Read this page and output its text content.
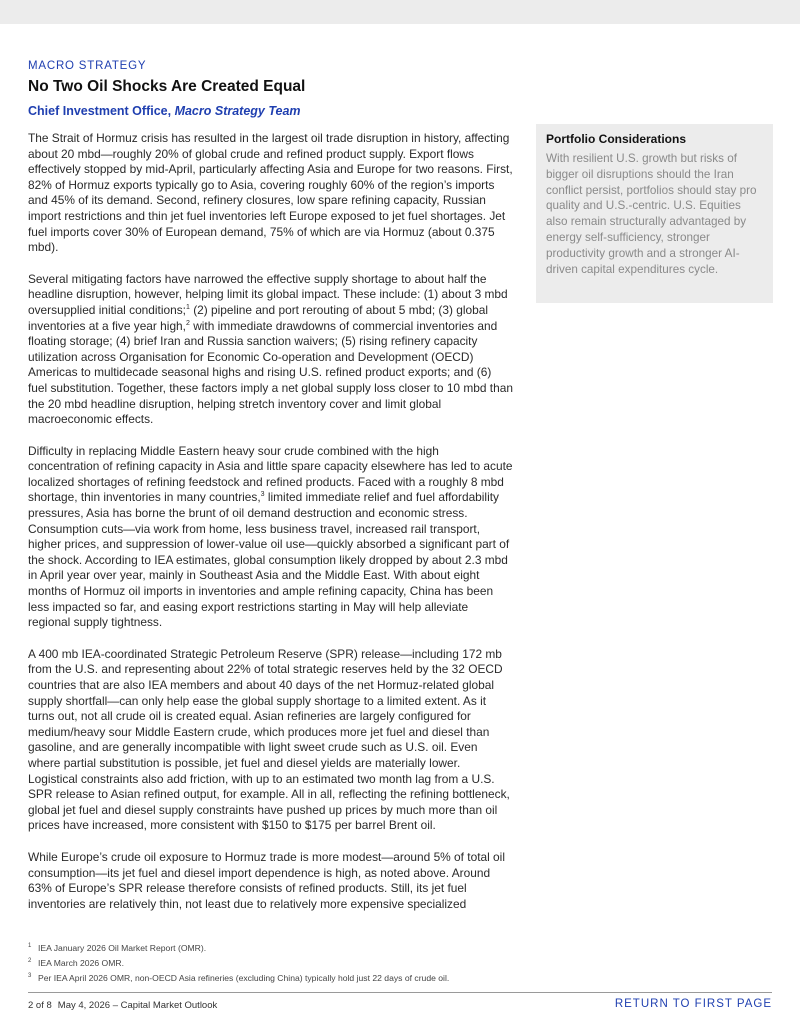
MACRO STRATEGY
No Two Oil Shocks Are Created Equal
Chief Investment Office, Macro Strategy Team

The Strait of Hormuz crisis has resulted in the largest oil trade disruption in history, affecting about 20 mbd—roughly 20% of global crude and refined product supply. Export flows effectively stopped by mid-April, particularly affecting Asia and Europe for two reasons. First, 82% of Hormuz exports typically go to Asia, covering roughly 60% of the region’s imports and 45% of its demand. Second, refinery closures, low spare refining capacity, Russian import restrictions and thin jet fuel inventories left Europe exposed to jet fuel shortages. Jet fuel imports cover 30% of European demand, 75% of which are via Hormuz (about 0.375 mbd).

Several mitigating factors have narrowed the effective supply shortage to about half the headline disruption, however, helping limit its global impact. These include: (1) about 3 mbd oversupplied initial conditions;$^1$ (2) pipeline and port rerouting of about 5 mbd; (3) global inventories at a five year high,$^2$ with immediate drawdowns of commercial inventories and floating storage; (4) brief Iran and Russia sanction waivers; (5) rising refinery capacity utilization across Organisation for Economic Co-operation and Development (OECD) Americas to multidecade seasonal highs and rising U.S. refined product exports; and (6) fuel substitution. Together, these factors imply a net global supply loss closer to 10 mbd than the 20 mbd headline disruption, helping stretch inventory cover and limit global macroeconomic effects.

Difficulty in replacing Middle Eastern heavy sour crude combined with the high concentration of refining capacity in Asia and little spare capacity elsewhere has led to acute localized shortages of refining feedstock and refined products. Faced with a roughly 8 mbd shortage, thin inventories in many countries,$^3$ limited immediate relief and fuel affordability pressures, Asia has borne the brunt of oil demand destruction and economic stress. Consumption cuts—via work from home, less business travel, increased rail transport, higher prices, and suppression of lower-value oil use—quickly absorbed a significant part of the shock. According to IEA estimates, global consumption likely dropped by about 2.3 mbd in April year over year, mainly in Southeast Asia and the Middle East. With about eight months of Hormuz oil imports in inventories and ample refining capacity, China has been less impacted so far, and easing export restrictions starting in May will help alleviate regional supply tightness.

A 400 mb IEA-coordinated Strategic Petroleum Reserve (SPR) release—including 172 mb from the U.S. and representing about 22% of total strategic reserves held by the 32 OECD countries that are also IEA members and about 40 days of the net Hormuz-related global supply shortfall—can only help ease the global supply shortage to a limited extent. As it turns out, not all crude oil is created equal. Asian refineries are largely configured for medium/heavy sour Middle Eastern crude, which produces more jet fuel and diesel than gasoline, and are generally incompatible with light sweet crude such as U.S. oil. Even where partial substitution is possible, jet fuel and diesel yields are materially lower. Logistical constraints also add friction, with up to an estimated two month lag from a U.S. SPR release to Asian refined output, for example. All in all, reflecting the refining bottleneck, global jet fuel and diesel supply constraints have pushed up prices by much more than oil prices have increased, more consistent with $150 to $175 per barrel Brent oil.

While Europe’s crude oil exposure to Hormuz trade is more modest—around 5% of total oil consumption—its jet fuel and diesel import dependence is high, as noted above. Around 63% of Europe’s SPR release therefore consists of refined products. Still, its jet fuel inventories are relatively thin, not least due to relatively more expensive specialized

Portfolio Considerations
With resilient U.S. growth but risks of bigger oil disruptions should the Iran conflict persist, portfolios should stay pro quality and U.S.-centric. U.S. Equities also remain structurally advantaged by energy self-sufficiency, stronger productivity growth and a stronger AI-driven capital expenditures cycle.
1 IEA January 2026 Oil Market Report (OMR).
2 IEA March 2026 OMR.
3 Per IEA April 2026 OMR, non-OECD Asia refineries (excluding China) typically hold just 22 days of crude oil.
2 of 8 May 4, 2026 – Capital Market Outlook	RETURN TO FIRST PAGE
